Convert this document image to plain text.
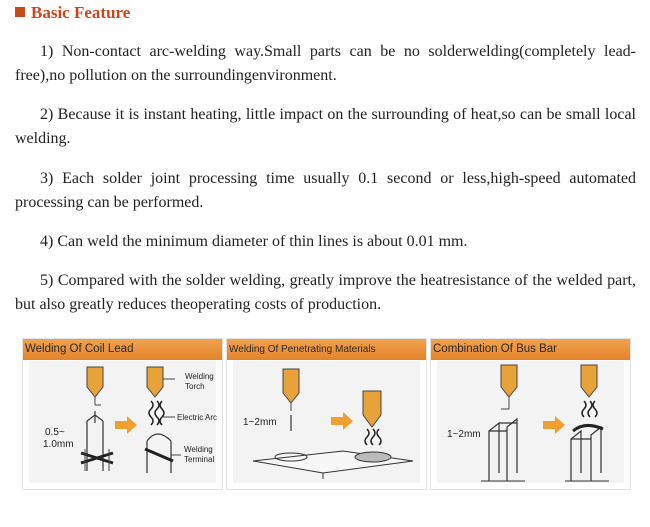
Basic Feature
1) Non-contact arc-welding way.Small parts can be no solderwelding(completely lead-free),no pollution on the surroundingenvironment.
2) Because it is instant heating, little impact on the surrounding of heat,so can be small local welding.
3) Each solder joint processing time usually 0.1 second or less,high-speed automated processing can be performed.
4) Can weld the minimum diameter of thin lines is about 0.01 mm.
5) Compared with the solder welding, greatly improve the heatresistance of the welded part, but also greatly reduces theoperating costs of production.
Welding Of Coil Lead
0.5~
1.0mm
Welding
Torch
Electric Arc
Welding
Terminal
Welding Of Penetrating Materials
1~2mm
Combination Of Bus Bar
1~2mm
